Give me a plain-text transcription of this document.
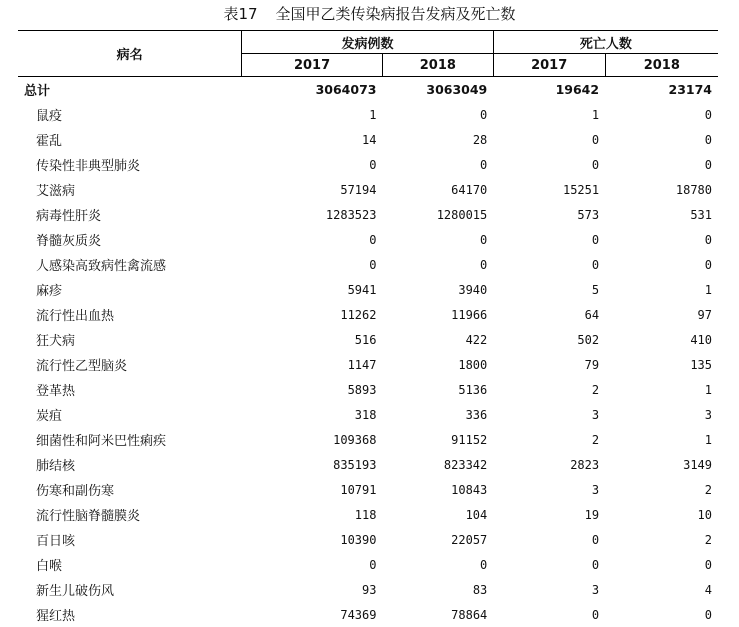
表17 全国甲乙类传染病报告发病及死亡数
病名	发病例数		死亡人数	
	2017	2018	2017	2018
总计	3064073	3063049	19642	23174
鼠疫	1	0	1	0
霍乱	14	28	0	0
传染性非典型肺炎	0	0	0	0
艾滋病	57194	64170	15251	18780
病毒性肝炎	1283523	1280015	573	531
脊髓灰质炎	0	0	0	0
人感染高致病性禽流感	0	0	0	0
麻疹	5941	3940	5	1
流行性出血热	11262	11966	64	97
狂犬病	516	422	502	410
流行性乙型脑炎	1147	1800	79	135
登革热	5893	5136	2	1
炭疽	318	336	3	3
细菌性和阿米巴性痢疾	109368	91152	2	1
肺结核	835193	823342	2823	3149
伤寒和副伤寒	10791	10843	3	2
流行性脑脊髓膜炎	118	104	19	10
百日咳	10390	22057	0	2
白喉	0	0	0	0
新生儿破伤风	93	83	3	4
猩红热	74369	78864	0	0
